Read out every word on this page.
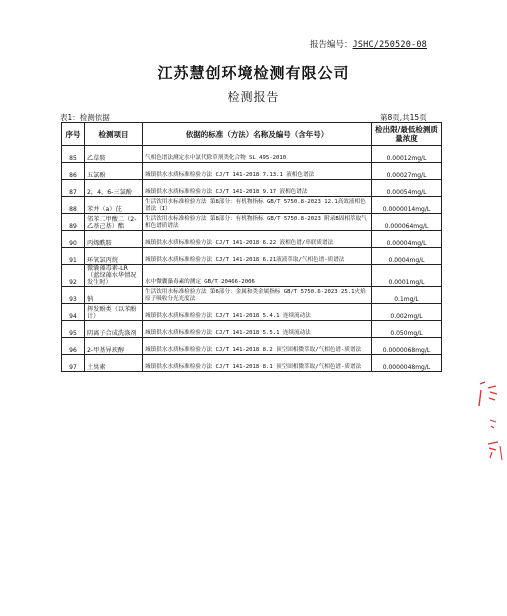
报告编号：JSHC/250520-08
江苏慧创环境检测有限公司
检测报告
表1：检测依据	第8页,共15页
序号	检测项目	依据的标准（方法）名称及编号（含年号）	检出限/最低检测质量浓度
85	乙草胺	气相色谱法测定水中氯代除草剂类化合物 SL 495-2010	0.00012mg/L
86	五氯酚	城镇供水水质标准检验方法 CJ/T 141-2018 7.13.1 液相色谱法	0.00027mg/L
87	2，4，6-三氯酚	城镇供水水质标准检验方法 CJ/T 141-2018 9.17 液相色谱法	0.00054mg/L
88	苯并（a）芘	生活饮用水标准检验方法 第8部分：有机物指标 GB/T 5750.8-2023 12.1高效液相色谱法（I）	0.0000014mg/L
89	邻苯二甲酸二（2-乙基己基）酯	生活饮用水标准检验方法 第8部分：有机物指标 GB/T 5750.8-2023 附录B固相萃取气相色谱质谱法	0.000064mg/L
90	丙烯酰胺	城镇供水水质标准检验方法 CJ/T 141-2018 6.22 液相色谱/串联质谱法	0.00004mg/L
91	环氧氯丙烷	城镇供水水质标准检验方法 CJ/T 141-2018 6.21液液萃取/气相色谱-质谱法	0.0004mg/L
92	微囊藻毒素-LR（蓝绿藻水华情况发生时）	水中微囊藻毒素的测定 GB/T 20466-2006	0.0001mg/L
93	钠	生活饮用水标准检验方法 第6部分：金属和类金属指标 GB/T 5750.6-2023 25.1火焰原子吸收分光光度法	0.1mg/L
94	挥发酚类（以苯酚计）	城镇供水水质标准检验方法 CJ/T 141-2018 5.4.1 连续流动法	0.002mg/L
95	阴离子合成洗涤剂	城镇供水水质标准检验方法 CJ/T 141-2018 5.5.1 连续流动法	0.050mg/L
96	2-甲基异莰醇	城镇供水水质标准检验方法 CJ/T 141-2018 8.2 顶空固相微萃取/气相色谱-质谱法	0.0000068mg/L
97	土臭素	城镇供水水质标准检验方法 CJ/T 141-2018 8.1 顶空固相微萃取/气相色谱-质谱法	0.0000048mg/L
